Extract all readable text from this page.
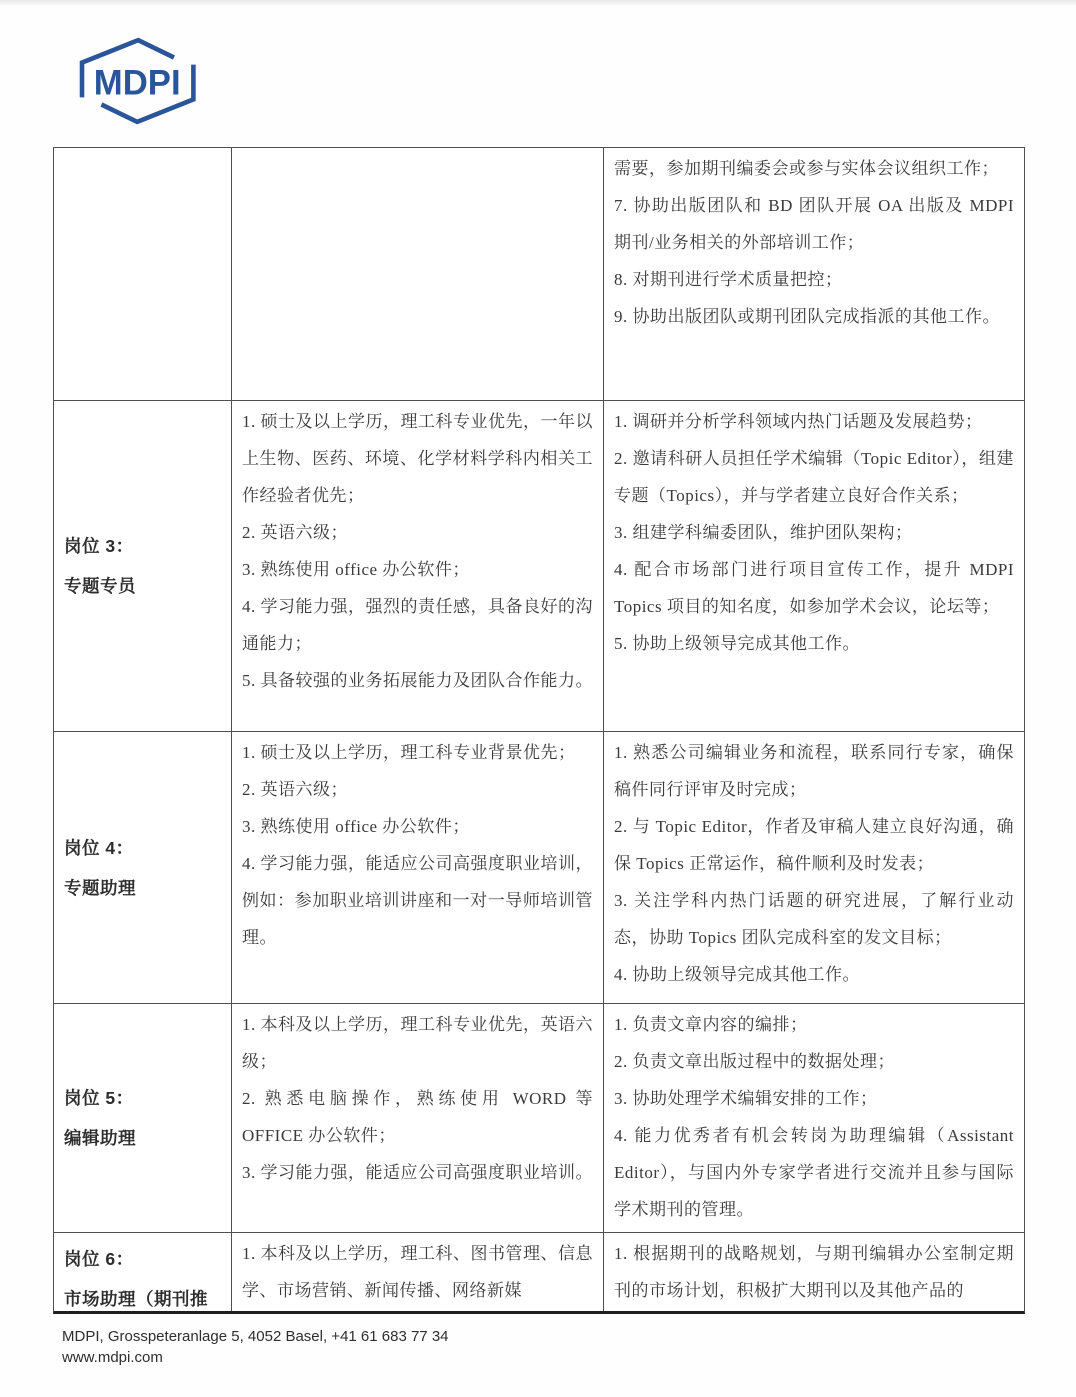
MDPI

需要，参加期刊编委会或参与实体会议组织工作；

7. 协助出版团队和 BD 团队开展 OA 出版及 MDPI 期刊/业务相关的外部培训工作；

8. 对期刊进行学术质量把控；

9. 协助出版团队或期刊团队完成指派的其他工作。

岗位 3：
专题专员

1. 硕士及以上学历，理工科专业优先，一年以上生物、医药、环境、化学材料学科内相关工作经验者优先；

2. 英语六级；

3. 熟练使用 office 办公软件；

4. 学习能力强，强烈的责任感，具备良好的沟通能力；

5. 具备较强的业务拓展能力及团队合作能力。

1. 调研并分析学科领域内热门话题及发展趋势；

2. 邀请科研人员担任学术编辑（Topic Editor），组建专题（Topics），并与学者建立良好合作关系；

3. 组建学科编委团队，维护团队架构；

4. 配合市场部门进行项目宣传工作，提升 MDPI Topics 项目的知名度，如参加学术会议，论坛等；

5. 协助上级领导完成其他工作。

岗位 4：
专题助理

1. 硕士及以上学历，理工科专业背景优先；

2. 英语六级；

3. 熟练使用 office 办公软件；

4. 学习能力强，能适应公司高强度职业培训，例如：参加职业培训讲座和一对一导师培训管理。

1. 熟悉公司编辑业务和流程，联系同行专家，确保稿件同行评审及时完成；

2. 与 Topic Editor，作者及审稿人建立良好沟通，确保 Topics 正常运作，稿件顺利及时发表；

3. 关注学科内热门话题的研究进展，了解行业动态，协助 Topics 团队完成科室的发文目标；

4. 协助上级领导完成其他工作。

岗位 5：
编辑助理

1. 本科及以上学历，理工科专业优先，英语六级；

2. 熟悉电脑操作，熟练使用 WORD 等 OFFICE 办公软件；

3. 学习能力强，能适应公司高强度职业培训。

1. 负责文章内容的编排；

2. 负责文章出版过程中的数据处理；

3. 协助处理学术编辑安排的工作；

4. 能力优秀者有机会转岗为助理编辑（Assistant Editor），与国内外专家学者进行交流并且参与国际学术期刊的管理。

岗位 6：
市场助理（期刊推

1. 本科及以上学历，理工科、图书管理、信息学、市场营销、新闻传播、网络新媒

1. 根据期刊的战略规划，与期刊编辑办公室制定期刊的市场计划，积极扩大期刊以及其他产品的

MDPI, Grosspeteranlage 5, 4052 Basel, +41 61 683 77 34
www.mdpi.com
